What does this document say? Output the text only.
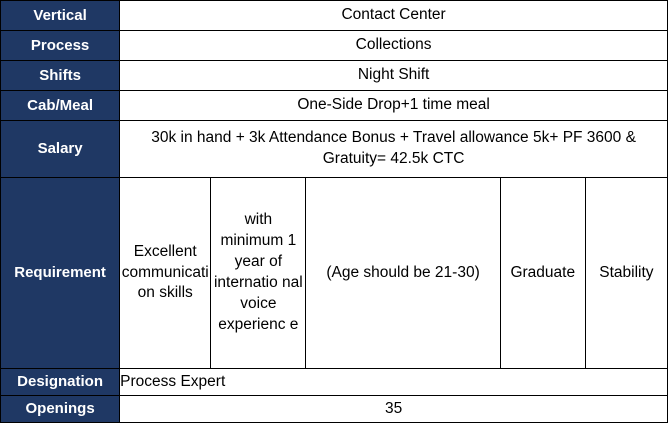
Vertical	Contact Center				
Process	Collections				
Shifts	Night Shift				
Cab/Meal	One-Side Drop+1 time meal				
Salary	30k in hand + 3k Attendance Bonus + Travel allowance 5k+ PF 3600 & Gratuity= 42.5k CTC				
Requirement	Excellent communication skills	with minimum 1 year of internatio nal voice experienc e	(Age should be 21-30)	Graduate	Stability
Designation	Process Expert				
Openings	35				
